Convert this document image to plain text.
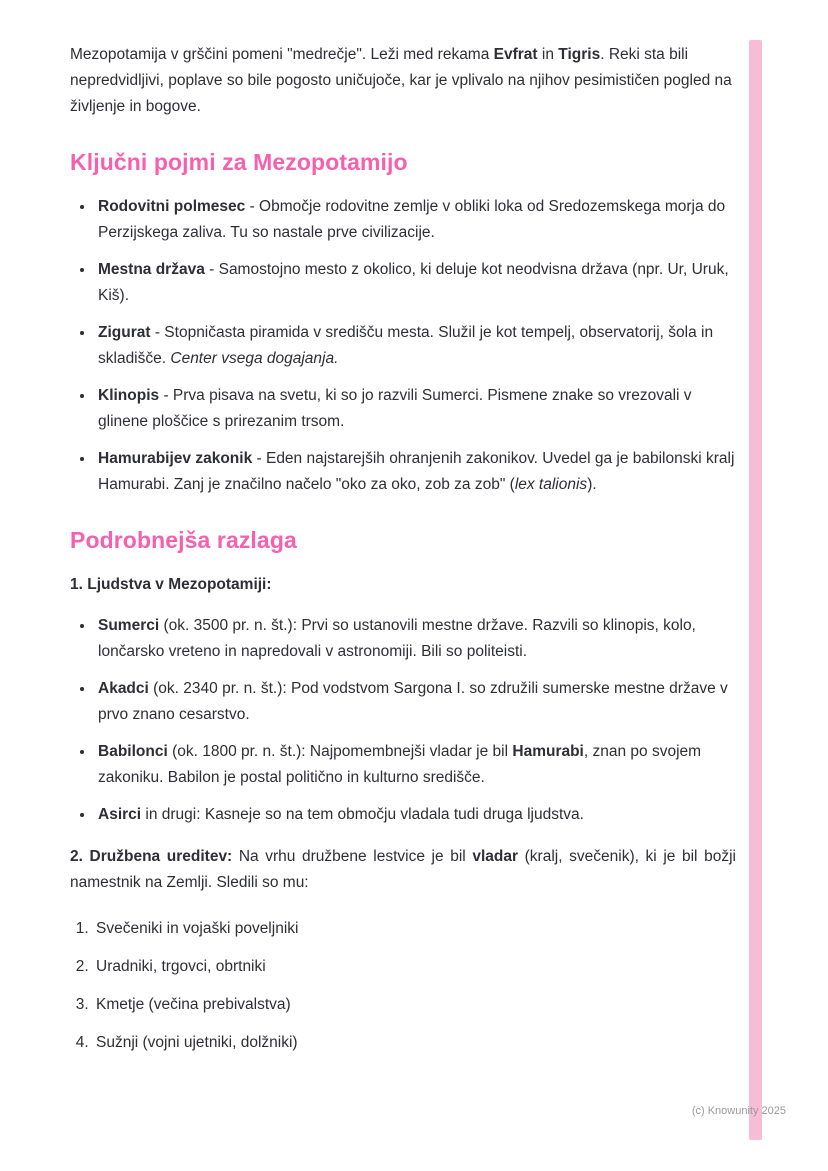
Mezopotamija v grščini pomeni "medrečje". Leži med rekama Evfrat in Tigris. Reki sta bili nepredvidljivi, poplave so bile pogosto uničujoče, kar je vplivalo na njihov pesimističen pogled na življenje in bogove.

Ključni pojmi za Mezopotamijo
• Rodovitni polmesec - Območje rodovitne zemlje v obliki loka od Sredozemskega morja do Perzijskega zaliva. Tu so nastale prve civilizacije.
• Mestna država - Samostojno mesto z okolico, ki deluje kot neodvisna država (npr. Ur, Uruk, Kiš).
• Zigurat - Stopničasta piramida v središču mesta. Služil je kot tempelj, observatorij, šola in skladišče. Center vsega dogajanja.
• Klinopis - Prva pisava na svetu, ki so jo razvili Sumerci. Pismene znake so vrezovali v glinene ploščice s prirezanim trsom.
• Hamurabijev zakonik - Eden najstarejših ohranjenih zakonikov. Uvedel ga je babilonski kralj Hamurabi. Zanj je značilno načelo "oko za oko, zob za zob" (lex talionis).
Podrobnejša razlaga

1. Ljudstva v Mezopotamiji:

• Sumerci (ok. 3500 pr. n. št.): Prvi so ustanovili mestne države. Razvili so klinopis, kolo, lončarsko vreteno in napredovali v astronomiji. Bili so politeisti.
• Akadci (ok. 2340 pr. n. št.): Pod vodstvom Sargona I. so združili sumerske mestne države v prvo znano cesarstvo.
• Babilonci (ok. 1800 pr. n. št.): Najpomembnejši vladar je bil Hamurabi, znan po svojem zakoniku. Babilon je postal politično in kulturno središče.
• Asirci in drugi: Kasneje so na tem območju vladala tudi druga ljudstva.

2. Družbena ureditev: Na vrhu družbene lestvice je bil vladar (kralj, svečenik), ki je bil božji namestnik na Zemlji. Sledili so mu:

1. Svečeniki in vojaški poveljniki
2. Uradniki, trgovci, obrtniki
3. Kmetje (večina prebivalstva)
4. Sužnji (vojni ujetniki, dolžniki)
(c) Knowunity 2025
